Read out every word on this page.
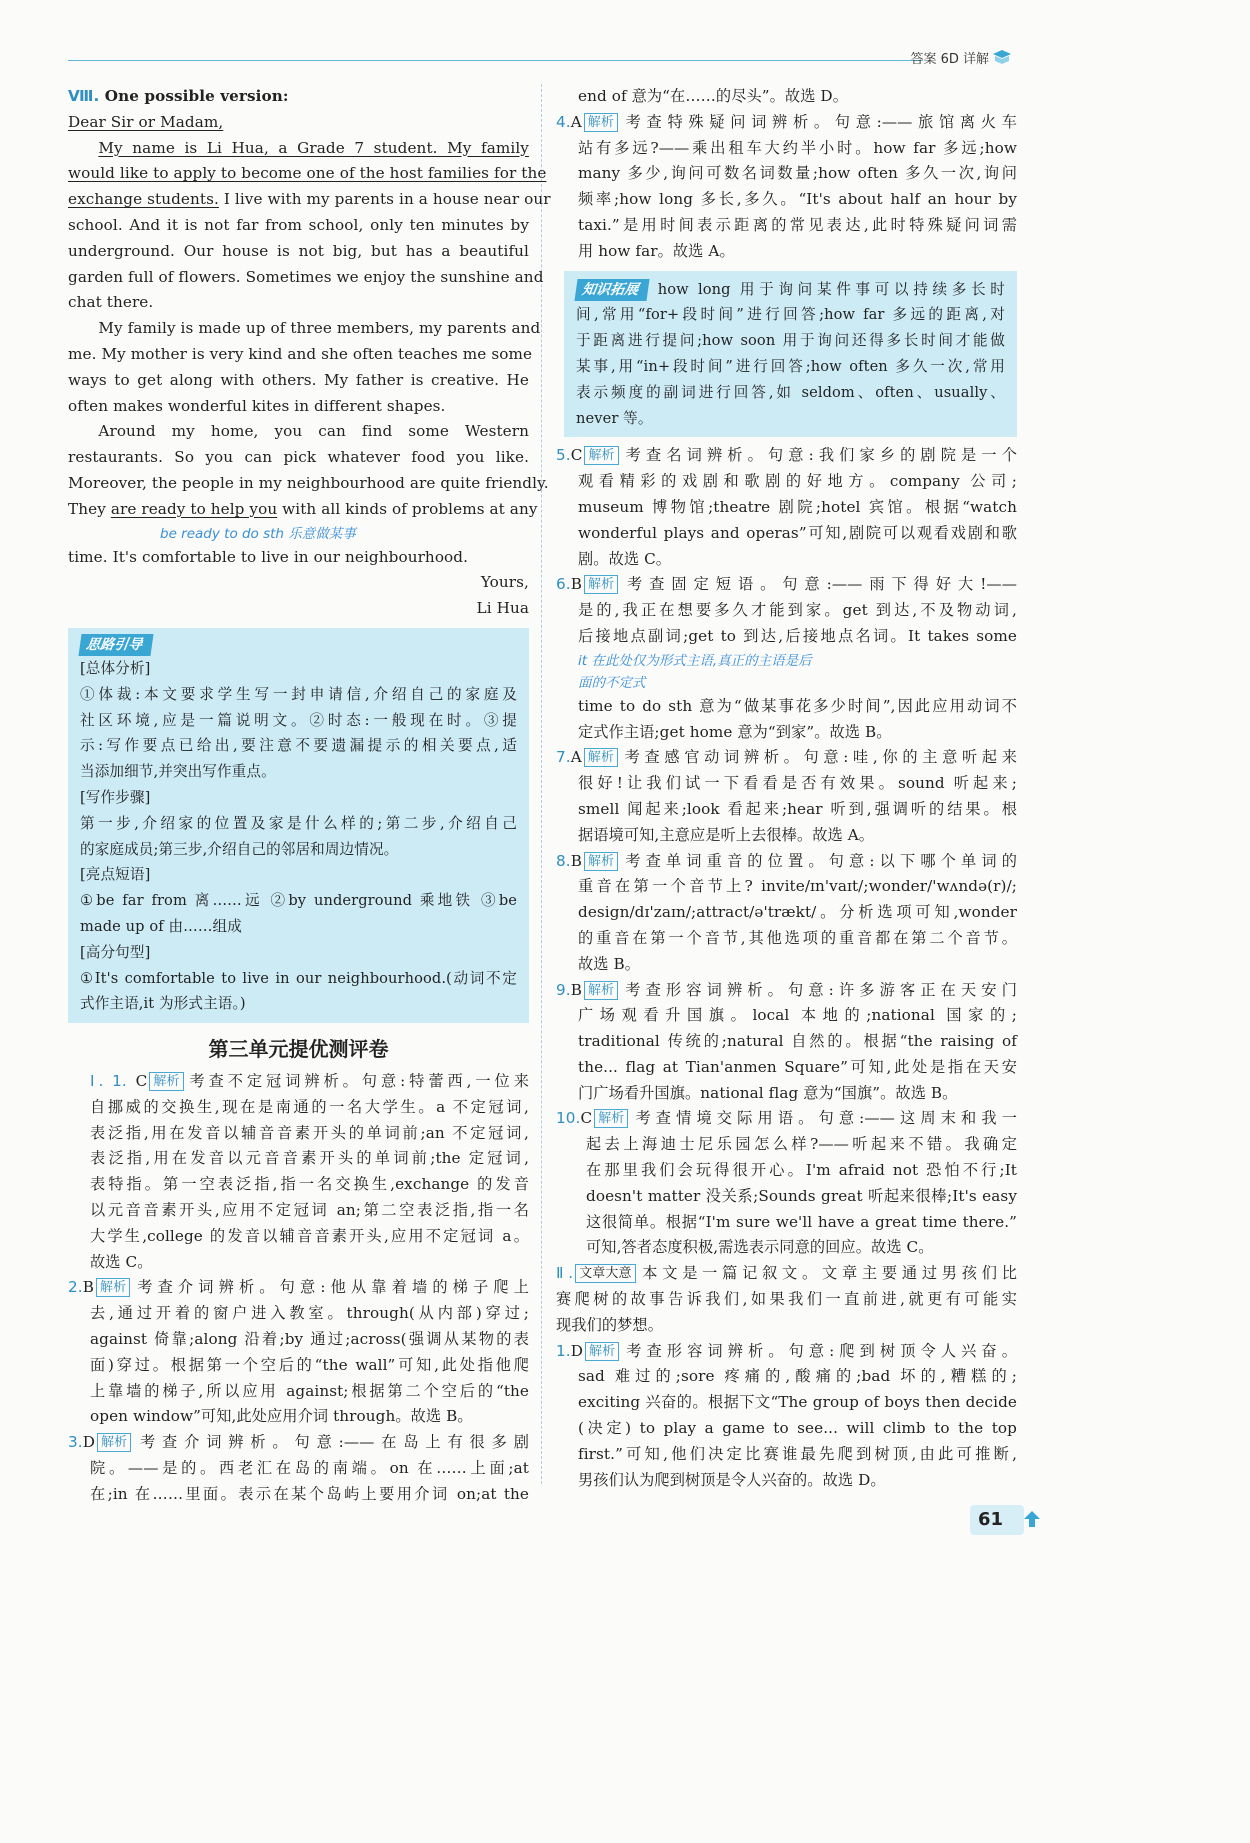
答案 6D 详解
Ⅷ. One possible version:
Dear Sir or Madam,
My name is Li Hua, a Grade 7 student. My family
would like to apply to become one of the host families for the
exchange students. I live with my parents in a house near our
school. And it is not far from school, only ten minutes by
underground. Our house is not big, but has a beautiful
garden full of flowers. Sometimes we enjoy the sunshine and
chat there.
My family is made up of three members, my parents and
me. My mother is very kind and she often teaches me some
ways to get along with others. My father is creative. He
often makes wonderful kites in different shapes.
Around my home, you can find some Western
restaurants. So you can pick whatever food you like.
Moreover, the people in my neighbourhood are quite friendly.
They are ready to help you with all kinds of problems at any
be ready to do sth 乐意做某事
time. It's comfortable to live in our neighbourhood.
Yours,
Li Hua
思路引导
[总体分析]
①体裁:本文要求学生写一封申请信,介绍自己的家庭及
社区环境,应是一篇说明文。②时态:一般现在时。③提
示:写作要点已给出,要注意不要遗漏提示的相关要点,适
当添加细节,并突出写作重点。
[写作步骤]
第一步,介绍家的位置及家是什么样的;第二步,介绍自己
的家庭成员;第三步,介绍自己的邻居和周边情况。
[亮点短语]
①be far from 离……远 ②by underground 乘地铁 ③be
made up of 由……组成
[高分句型]
①It's comfortable to live in our neighbourhood.(动词不定
式作主语,it 为形式主语。)
第三单元提优测评卷
Ⅰ. 1. C 解析 考查不定冠词辨析。句意:特蕾西,一位来
自挪威的交换生,现在是南通的一名大学生。a 不定冠词,
表泛指,用在发音以辅音音素开头的单词前;an 不定冠词,
表泛指,用在发音以元音音素开头的单词前;the 定冠词,
表特指。第一空表泛指,指一名交换生,exchange 的发音
以元音音素开头,应用不定冠词 an;第二空表泛指,指一名
大学生,college 的发音以辅音音素开头,应用不定冠词 a。
故选 C。
2.B 解析 考查介词辨析。句意:他从靠着墙的梯子爬上
去,通过开着的窗户进入教室。through(从内部)穿过;
against 倚靠;along 沿着;by 通过;across(强调从某物的表
面)穿过。根据第一个空后的“the wall”可知,此处指他爬
上靠墙的梯子,所以应用 against;根据第二个空后的“the
open window”可知,此处应用介词 through。故选 B。
3.D 解析 考查介词辨析。句意:——在岛上有很多剧
院。——是的。西老汇在岛的南端。on 在……上面;at
在;in 在……里面。表示在某个岛屿上要用介词 on;at the
end of 意为“在……的尽头”。故选 D。
4.A 解析 考查特殊疑问词辨析。句意:——旅馆离火车
站有多远?——乘出租车大约半小时。how far 多远;how
many 多少,询问可数名词数量;how often 多久一次,询问
频率;how long 多长,多久。“It's about half an hour by
taxi.”是用时间表示距离的常见表达,此时特殊疑问词需
用 how far。故选 A。
知识拓展 how long 用于询问某件事可以持续多长时
间,常用“for+段时间”进行回答;how far 多远的距离,对
于距离进行提问;how soon 用于询问还得多长时间才能做
某事,用“in+段时间”进行回答;how often 多久一次,常用
表示频度的副词进行回答,如 seldom、often、usually、
never 等。
5.C 解析 考查名词辨析。句意:我们家乡的剧院是一个
观看精彩的戏剧和歌剧的好地方。company 公司;
museum 博物馆;theatre 剧院;hotel 宾馆。根据“watch
wonderful plays and operas”可知,剧院可以观看戏剧和歌
剧。故选 C。
6.B 解析 考查固定短语。句意:——雨下得好大!——
是的,我正在想要多久才能到家。get 到达,不及物动词,
后接地点副词;get to 到达,后接地点名词。It takes some
it 在此处仅为形式主语,真正的主语是后
面的不定式
time to do sth 意为“做某事花多少时间”,因此应用动词不
定式作主语;get home 意为“到家”。故选 B。
7.A 解析 考查感官动词辨析。句意:哇,你的主意听起来
很好!让我们试一下看看是否有效果。sound 听起来;
smell 闻起来;look 看起来;hear 听到,强调听的结果。根
据语境可知,主意应是听上去很棒。故选 A。
8.B 解析 考查单词重音的位置。句意:以下哪个单词的
重音在第一个音节上? invite/ɪn'vaɪt/;wonder/'wʌndə(r)/;
design/dɪ'zaɪn/;attract/ə'trækt/。分析选项可知,wonder
的重音在第一个音节,其他选项的重音都在第二个音节。
故选 B。
9.B 解析 考查形容词辨析。句意:许多游客正在天安门
广场观看升国旗。local 本地的;national 国家的;
traditional 传统的;natural 自然的。根据“the raising of
the... flag at Tian'anmen Square”可知,此处是指在天安
门广场看升国旗。national flag 意为“国旗”。故选 B。
10.C 解析 考查情境交际用语。句意:——这周末和我一
起去上海迪士尼乐园怎么样?——听起来不错。我确定
在那里我们会玩得很开心。I'm afraid not 恐怕不行;It
doesn't matter 没关系;Sounds great 听起来很棒;It's easy
这很简单。根据“I'm sure we'll have a great time there.”
可知,答者态度积极,需选表示同意的回应。故选 C。
Ⅱ. 文章大意 本文是一篇记叙文。文章主要通过男孩们比
赛爬树的故事告诉我们,如果我们一直前进,就更有可能实
现我们的梦想。
1.D 解析 考查形容词辨析。句意:爬到树顶令人兴奋。
sad 难过的;sore 疼痛的,酸痛的;bad 坏的,糟糕的;
exciting 兴奋的。根据下文“The group of boys then decide
(决定) to play a game to see... will climb to the top
first.”可知,他们决定比赛谁最先爬到树顶,由此可推断,
男孩们认为爬到树顶是令人兴奋的。故选 D。
61
